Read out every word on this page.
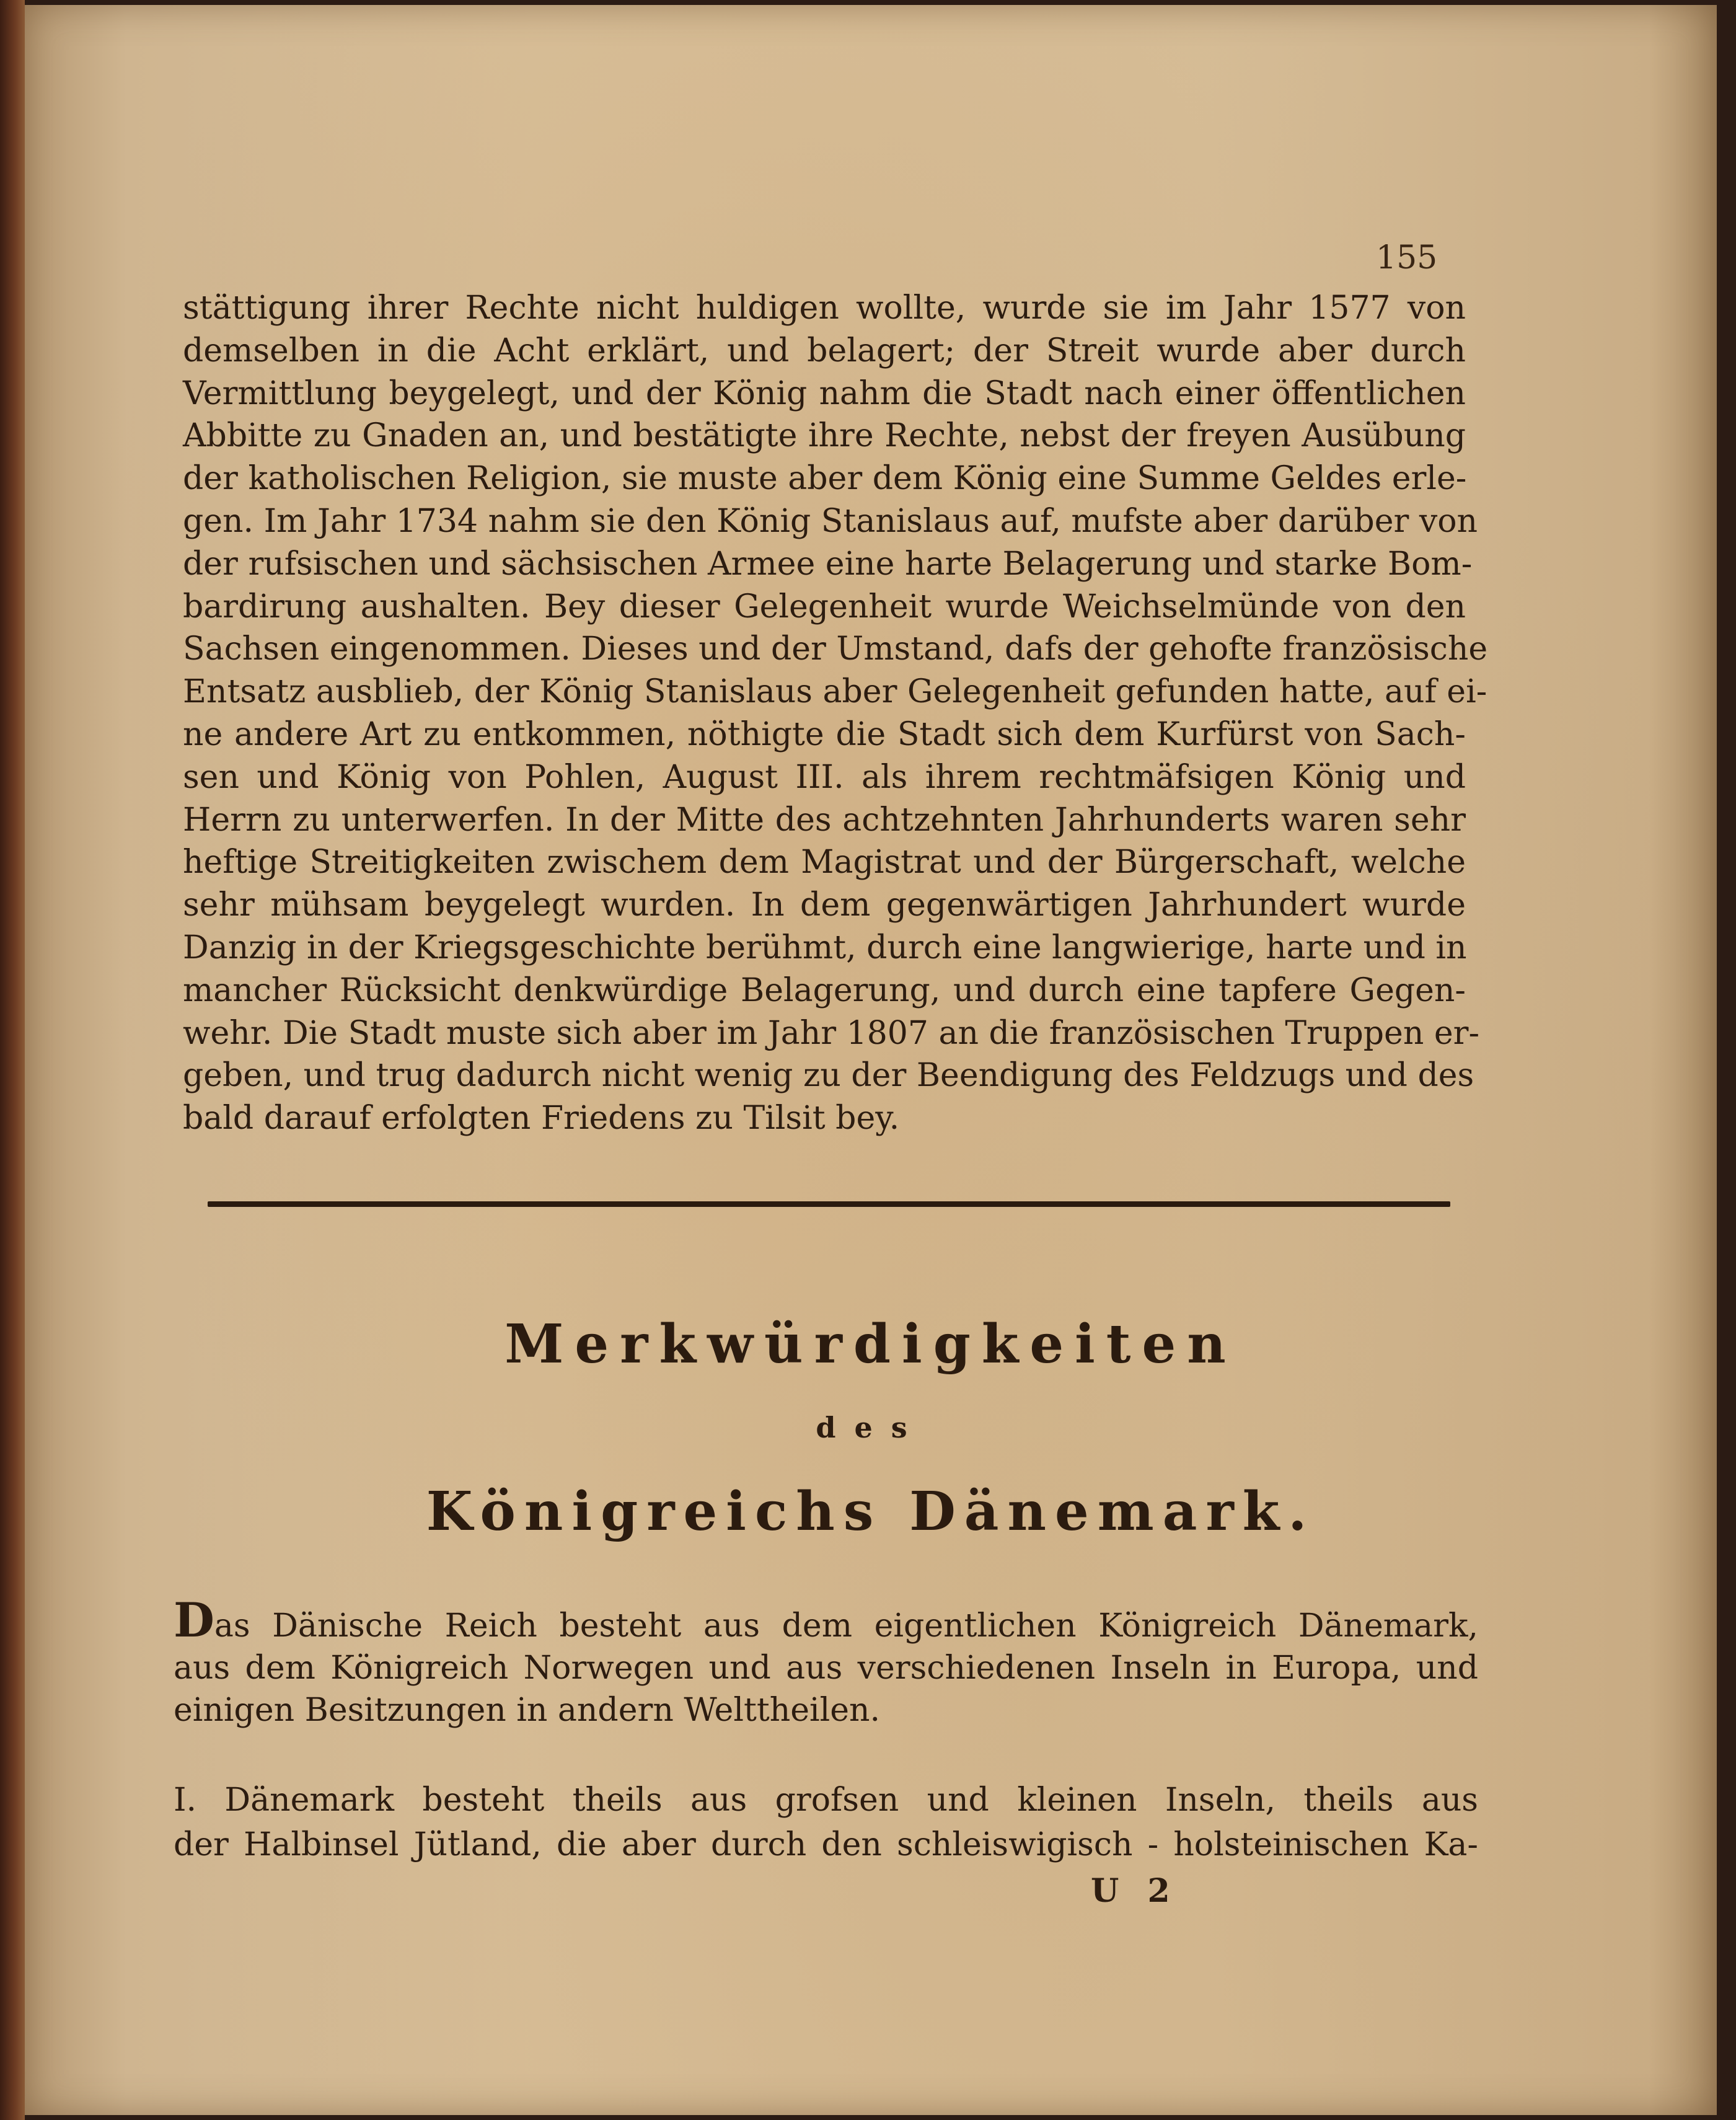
155
stättigung ihrer Rechte nicht huldigen wollte, wurde sie im Jahr 1577 von
demselben in die Acht erklärt, und belagert; der Streit wurde aber durch
Vermittlung beygelegt, und der König nahm die Stadt nach einer öffentlichen
Abbitte zu Gnaden an, und bestätigte ihre Rechte, nebst der freyen Ausübung
der katholischen Religion, sie muste aber dem König eine Summe Geldes erle-
gen. Im Jahr 1734 nahm sie den König Stanislaus auf, mufste aber darüber von
der rufsischen und sächsischen Armee eine harte Belagerung und starke Bom-
bardirung aushalten. Bey dieser Gelegenheit wurde Weichselmünde von den
Sachsen eingenommen. Dieses und der Umstand, dafs der gehofte französische
Entsatz ausblieb, der König Stanislaus aber Gelegenheit gefunden hatte, auf ei-
ne andere Art zu entkommen, nöthigte die Stadt sich dem Kurfürst von Sach-
sen und König von Pohlen, August III. als ihrem rechtmäfsigen König und
Herrn zu unterwerfen. In der Mitte des achtzehnten Jahrhunderts waren sehr
heftige Streitigkeiten zwischem dem Magistrat und der Bürgerschaft, welche
sehr mühsam beygelegt wurden. In dem gegenwärtigen Jahrhundert wurde
Danzig in der Kriegsgeschichte berühmt, durch eine langwierige, harte und in
mancher Rücksicht denkwürdige Belagerung, und durch eine tapfere Gegen-
wehr. Die Stadt muste sich aber im Jahr 1807 an die französischen Truppen er-
geben, und trug dadurch nicht wenig zu der Beendigung des Feldzugs und des
bald darauf erfolgten Friedens zu Tilsit bey.
Merkwürdigkeiten
des
Königreichs Dänemark.
Das Dänische Reich besteht aus dem eigentlichen Königreich Dänemark,
aus dem Königreich Norwegen und aus verschiedenen Inseln in Europa, und
einigen Besitzungen in andern Welttheilen.
I. Dänemark besteht theils aus grofsen und kleinen Inseln, theils aus
der Halbinsel Jütland, die aber durch den schleiswigisch - holsteinischen Ka-
U 2
